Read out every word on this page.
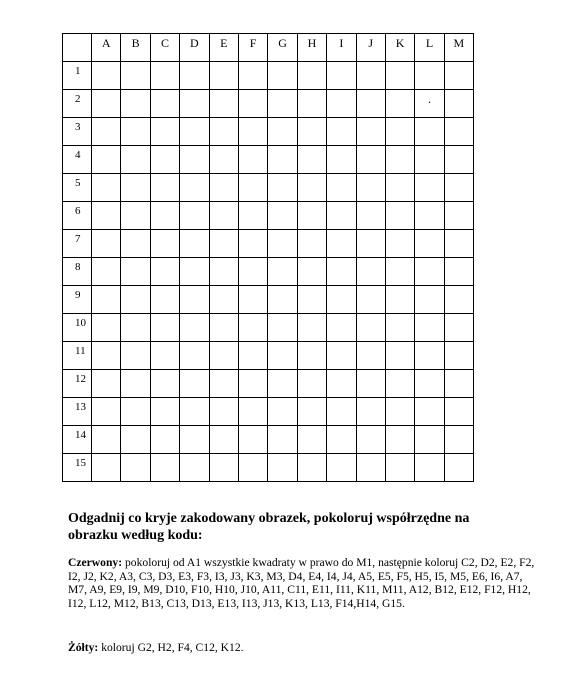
	A	B	C	D	E	F	G	H	I	J	K	L	M
1													
2												.	

3													
4													
5													
6													
7													
8													
9													
10													
11													
12													
13													
14													
15													

Odgadnij co kryje zakodowany obrazek, pokoloruj współrzędne na obrazku według kodu:

Czerwony: pokoloruj od A1 wszystkie kwadraty w prawo do M1, następnie koloruj C2, D2, E2, F2, I2, J2, K2, A3, C3, D3, E3, F3, I3, J3, K3, M3, D4, E4, I4, J4, A5, E5, F5, H5, I5, M5, E6, I6, A7, M7, A9, E9, I9, M9, D10, F10, H10, J10, A11, C11, E11, I11, K11, M11, A12, B12, E12, F12, H12, I12, L12, M12, B13, C13, D13, E13, I13, J13, K13, L13, F14,H14, G15.

Żółty: koloruj G2, H2, F4, C12, K12.
